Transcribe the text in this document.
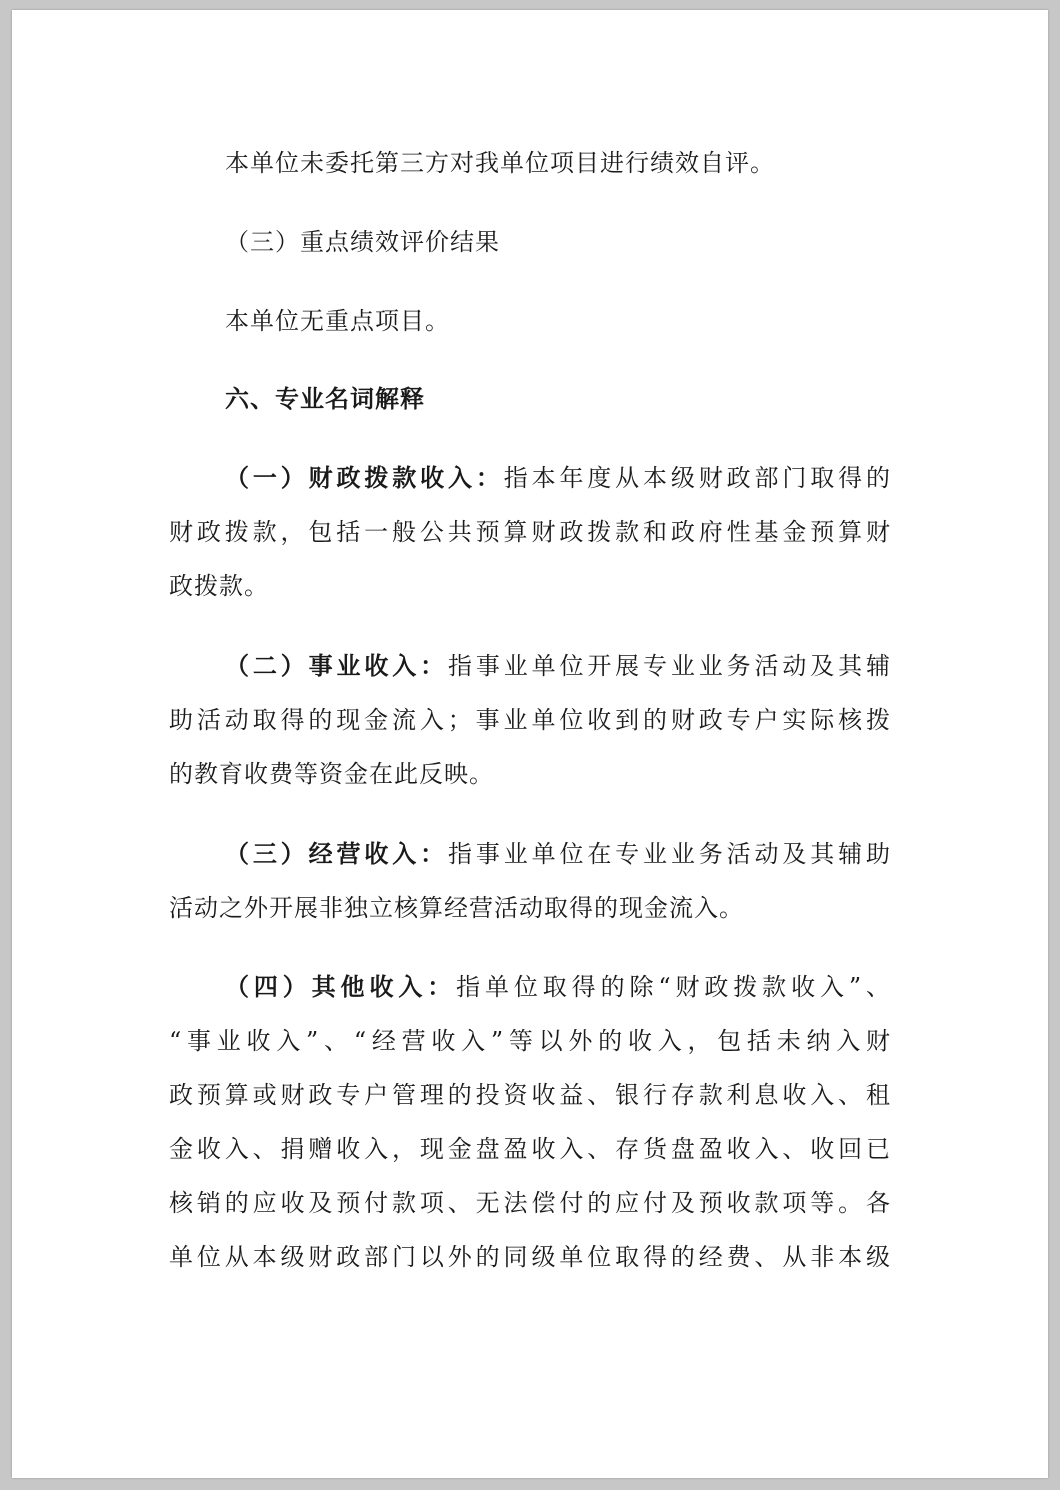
本单位未委托第三方对我单位项目进行绩效自评。
（三）重点绩效评价结果
本单位无重点项目。
六、专业名词解释
（一）财政拨款收入：指本年度从本级财政部门取得的
财政拨款，包括一般公共预算财政拨款和政府性基金预算财
政拨款。
（二）事业收入：指事业单位开展专业业务活动及其辅
助活动取得的现金流入；事业单位收到的财政专户实际核拨
的教育收费等资金在此反映。
（三）经营收入：指事业单位在专业业务活动及其辅助
活动之外开展非独立核算经营活动取得的现金流入。
（四）其他收入：指单位取得的除“财政拨款收入”、
“事业收入”、“经营收入”等以外的收入，包括未纳入财
政预算或财政专户管理的投资收益、银行存款利息收入、租
金收入、捐赠收入，现金盘盈收入、存货盘盈收入、收回已
核销的应收及预付款项、无法偿付的应付及预收款项等。各
单位从本级财政部门以外的同级单位取得的经费、从非本级
